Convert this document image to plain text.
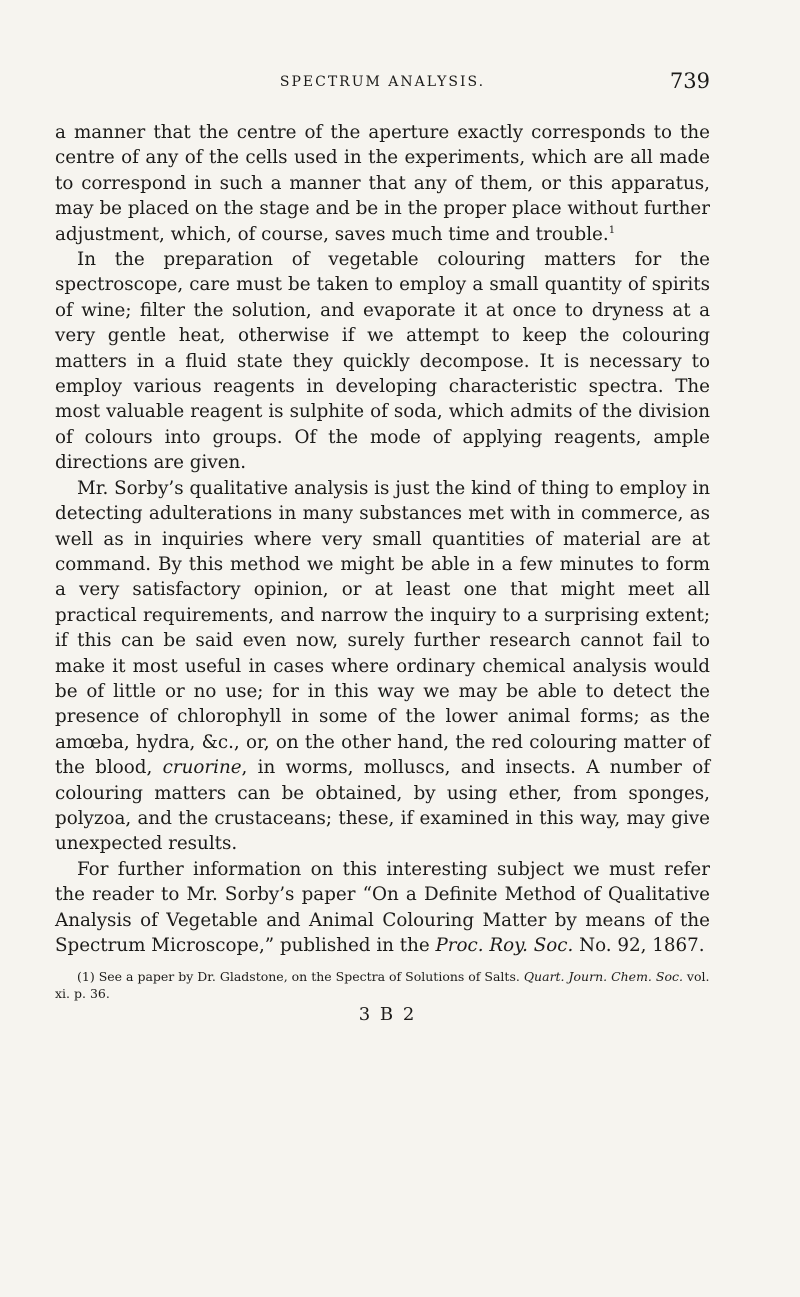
SPECTRUM ANALYSIS.	739

a manner that the centre of the aperture exactly corresponds to the centre of any of the cells used in the experiments, which are all made to correspond in such a manner that any of them, or this apparatus, may be placed on the stage and be in the proper place without further adjustment, which, of course, saves much time and trouble.$^1$

In the preparation of vegetable colouring matters for the spectroscope, care must be taken to employ a small quantity of spirits of wine; filter the solution, and evaporate it at once to dryness at a very gentle heat, otherwise if we attempt to keep the colouring matters in a fluid state they quickly decompose. It is necessary to employ various reagents in developing characteristic spectra. The most valuable reagent is sulphite of soda, which admits of the division of colours into groups. Of the mode of applying reagents, ample directions are given.

Mr. Sorby’s qualitative analysis is just the kind of thing to employ in detecting adulterations in many substances met with in commerce, as well as in inquiries where very small quantities of material are at command. By this method we might be able in a few minutes to form a very satisfactory opinion, or at least one that might meet all practical requirements, and narrow the inquiry to a surprising extent; if this can be said even now, surely further research cannot fail to make it most useful in cases where ordinary chemical analysis would be of little or no use; for in this way we may be able to detect the presence of chlorophyll in some of the lower animal forms; as the amœba, hydra, &c., or, on the other hand, the red colouring matter of the blood, cruorine, in worms, molluscs, and insects. A number of colouring matters can be obtained, by using ether, from sponges, polyzoa, and the crustaceans; these, if examined in this way, may give unexpected results.

For further information on this interesting subject we must refer the reader to Mr. Sorby’s paper “On a Definite Method of Qualitative Analysis of Vegetable and Animal Colouring Matter by means of the Spectrum Microscope,” published in the Proc. Roy. Soc. No. 92, 1867.

(1) See a paper by Dr. Gladstone, on the Spectra of Solutions of Salts. Quart. Journ. Chem. Soc. vol. xi. p. 36.
3 B 2
